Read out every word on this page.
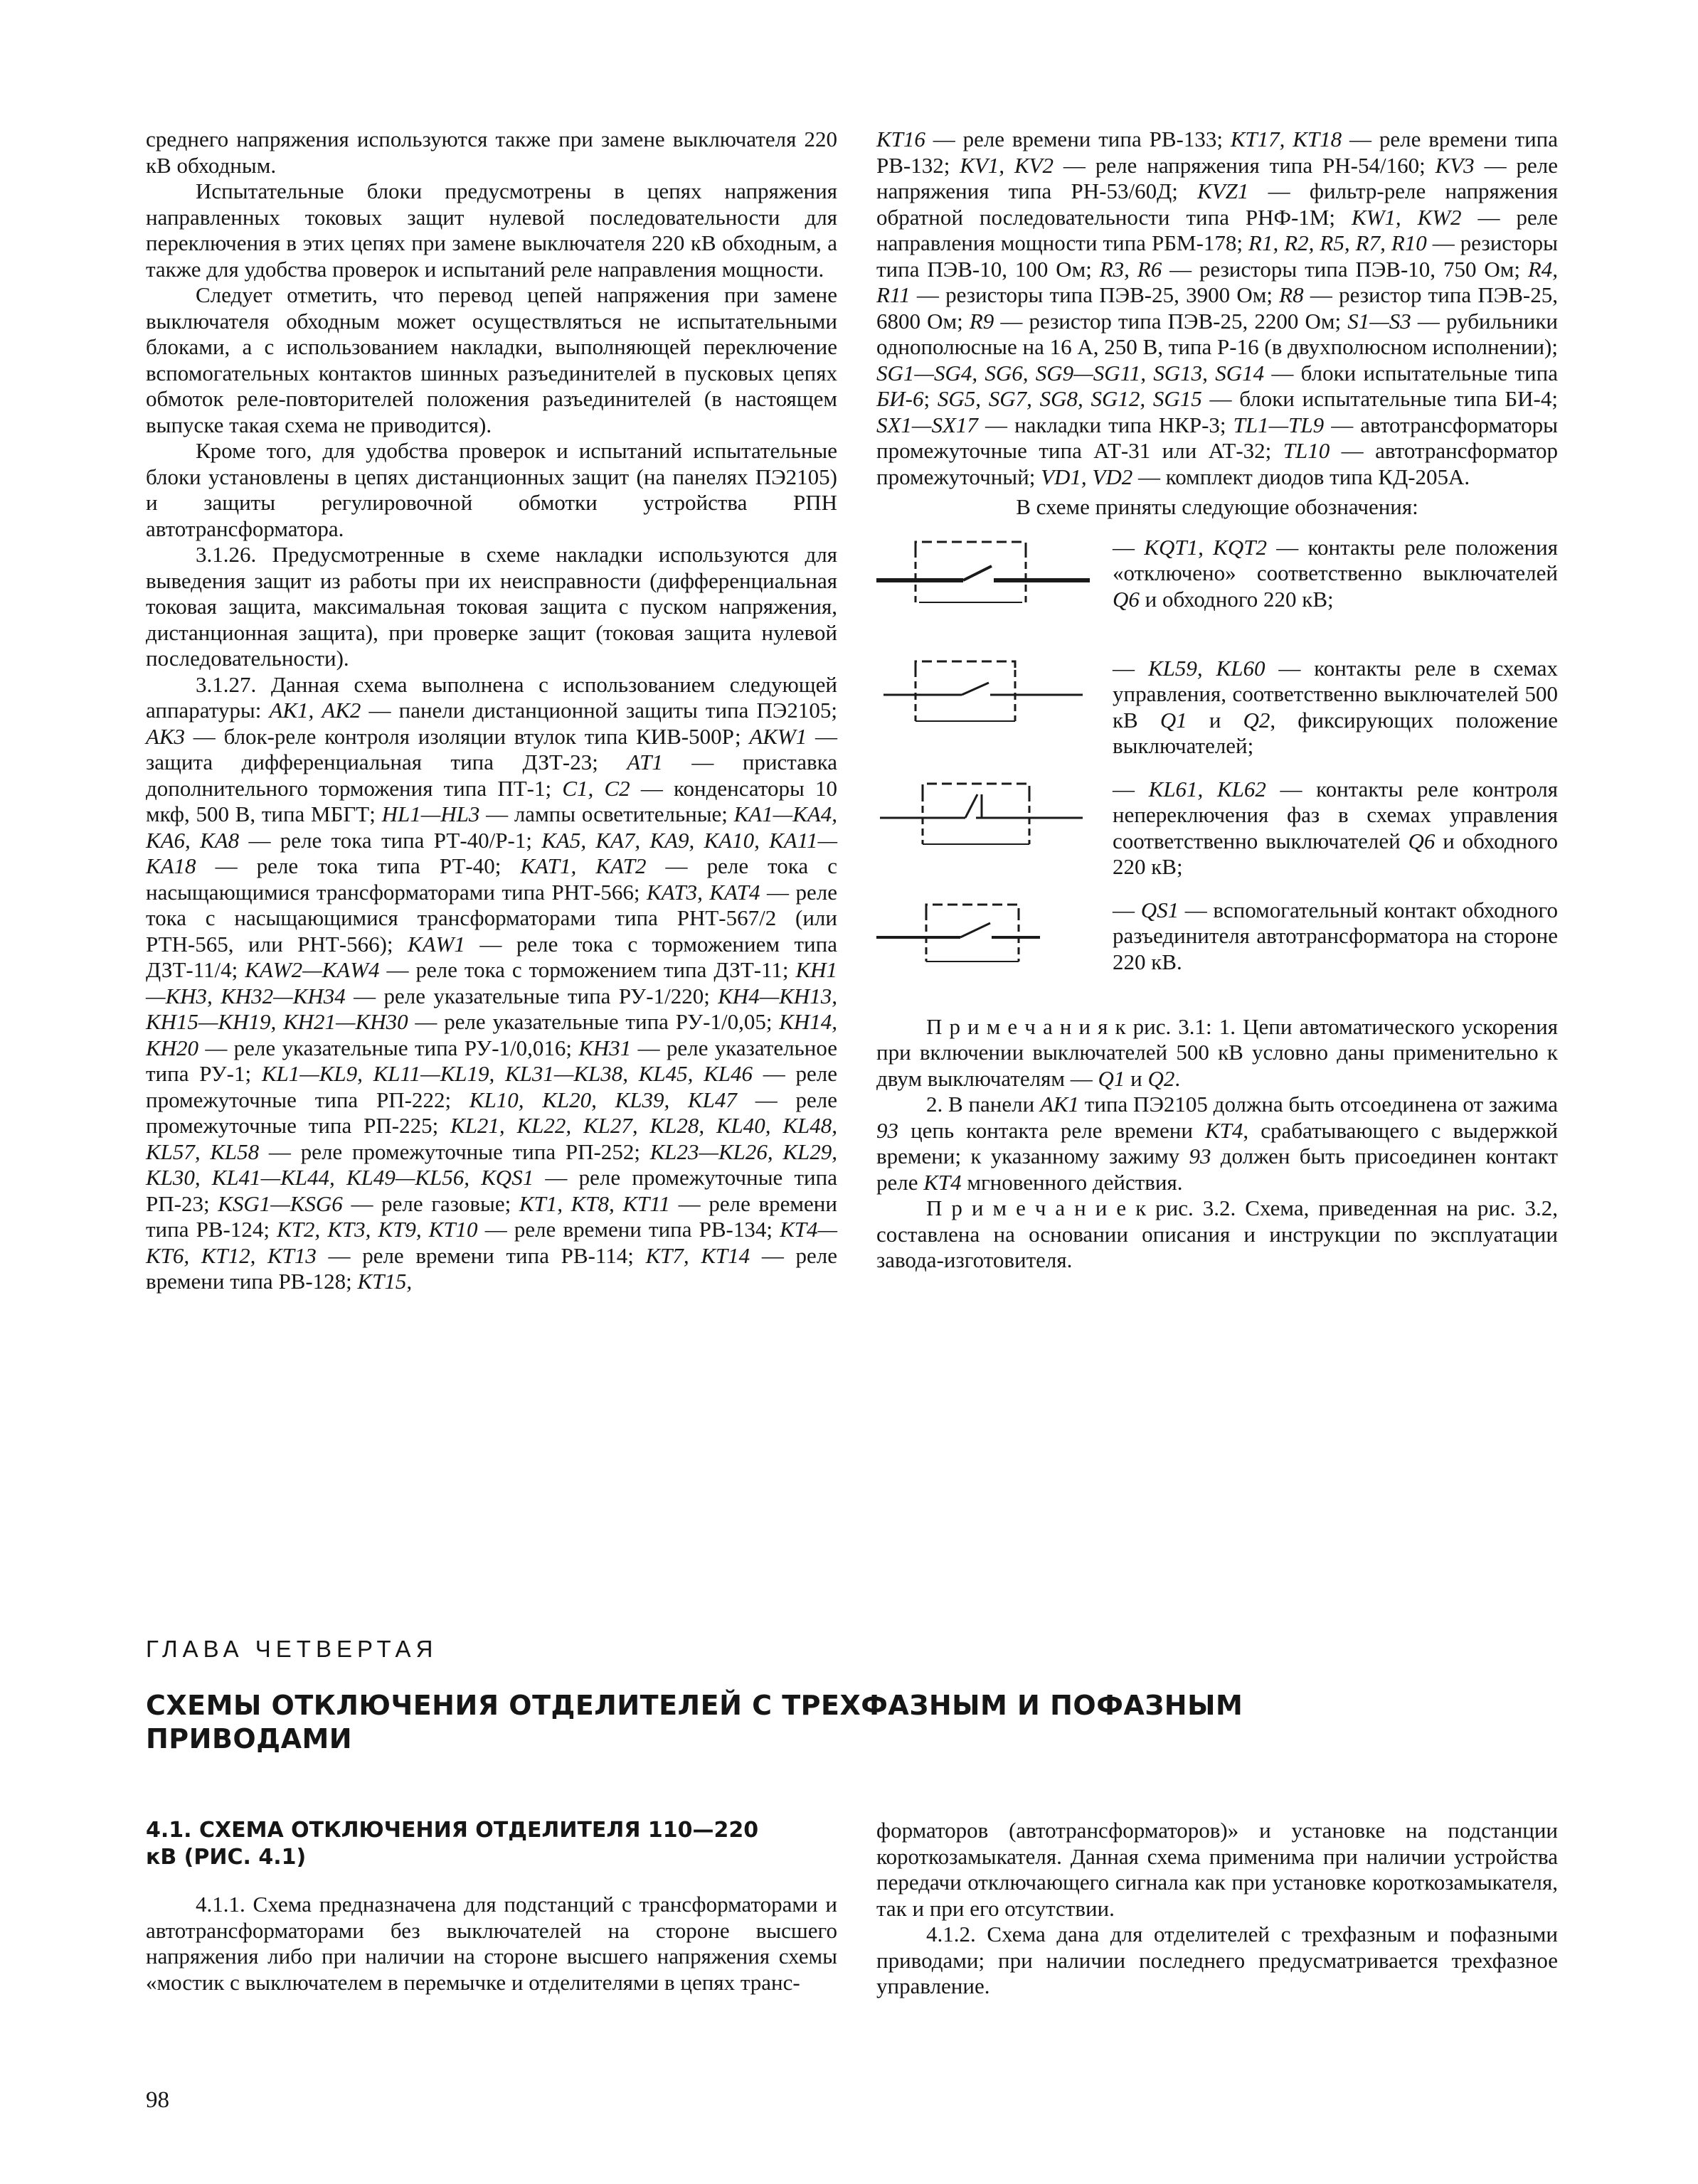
среднего напряжения используются также при замене выключателя 220 кВ обходным.

Испытательные блоки предусмотрены в цепях напряжения направленных токовых защит нулевой последовательности для переключения в этих цепях при замене выключателя 220 кВ обходным, а также для удобства проверок и испытаний реле направления мощности.

Следует отметить, что перевод цепей напряжения при замене выключателя обходным может осуществляться не испытательными блоками, а с использованием накладки, выполняющей переключение вспомогательных контактов шинных разъединителей в пусковых цепях обмоток реле-повторителей положения разъединителей (в настоящем выпуске такая схема не приводится).

Кроме того, для удобства проверок и испытаний испытательные блоки установлены в цепях дистанционных защит (на панелях ПЭ2105) и защиты регулировочной обмотки устройства РПН автотрансформатора.

3.1.26. Предусмотренные в схеме накладки используются для выведения защит из работы при их неисправности (дифференциальная токовая защита, максимальная токовая защита с пуском напряжения, дистанционная защита), при проверке защит (токовая защита нулевой последовательности).

3.1.27. Данная схема выполнена с использованием следующей аппаратуры: АК1, АК2 — панели дистанционной защиты типа ПЭ2105; АК3 — блок-реле контроля изоляции втулок типа КИВ-500Р; АКW1 — защита дифференциальная типа ДЗТ-23; АТ1 — приставка дополнительного торможения типа ПТ-1; С1, С2 — конденсаторы 10 мкф, 500 В, типа МБГТ; HL1—HL3 — лампы осветительные; КА1—КА4, КА6, КА8 — реле тока типа РТ-40/Р-1; КА5, КА7, КА9, КА10, КА11—КА18 — реле тока типа РТ-40; КАТ1, КАТ2 — реле тока с насыщающимися трансформаторами типа РНТ-566; КАТ3, КАТ4 — реле тока с насыщающимися трансформаторами типа РНТ-567/2 (или РТН-565, или РНТ-566); КАW1 — реле тока с торможением типа ДЗТ-11/4; КАW2—КАW4 — реле тока с торможением типа ДЗТ-11; КН1—КН3, КН32—КН34 — реле указательные типа РУ-1/220; КН4—КН13, КН15—КН19, КН21—КН30 — реле указательные типа РУ-1/0,05; КН14, КН20 — реле указательные типа РУ-1/0,016; КН31 — реле указательное типа РУ-1; КL1—КL9, КL11—КL19, КL31—КL38, КL45, КL46 — реле промежуточные типа РП-222; КL10, КL20, КL39, КL47 — реле промежуточные типа РП-225; КL21, КL22, КL27, КL28, КL40, КL48, КL57, КL58 — реле промежуточные типа РП-252; КL23—КL26, КL29, КL30, КL41—КL44, КL49—КL56, КQS1 — реле промежуточные типа РП-23; КSG1—КSG6 — реле газовые; КТ1, КТ8, КТ11 — реле времени типа РВ-124; КТ2, КТ3, КТ9, КТ10 — реле времени типа РВ-134; КТ4—КТ6, КТ12, КТ13 — реле времени типа РВ-114; КТ7, КТ14 — реле времени типа РВ-128; КТ15,

КТ16 — реле времени типа РВ-133; КТ17, КТ18 — реле времени типа РВ-132; КV1, КV2 — реле напряжения типа РН-54/160; КV3 — реле напряжения типа РН-53/60Д; КVZ1 — фильтр-реле напряжения обратной последовательности типа РНФ-1М; КW1, КW2 — реле направления мощности типа РБМ-178; R1, R2, R5, R7, R10 — резисторы типа ПЭВ-10, 100 Ом; R3, R6 — резисторы типа ПЭВ-10, 750 Ом; R4, R11 — резисторы типа ПЭВ-25, 3900 Ом; R8 — резистор типа ПЭВ-25, 6800 Ом; R9 — резистор типа ПЭВ-25, 2200 Ом; S1—S3 — рубильники однополюсные на 16 А, 250 В, типа Р-16 (в двухполюсном исполнении); SG1—SG4, SG6, SG9—SG11, SG13, SG14 — блоки испытательные типа БИ-6; SG5, SG7, SG8, SG12, SG15 — блоки испытательные типа БИ-4; SX1—SX17 — накладки типа НКР-3; TL1—TL9 — автотрансформаторы промежуточные типа АТ-31 или АТ-32; TL10 — автотрансформатор промежуточный; VD1, VD2 — комплект диодов типа КД-205А.

В схеме приняты следующие обозначения:

— KQT1, KQT2 — контакты реле положения «отключено» соответственно выключателей Q6 и обходного 220 кВ;
— KL59, KL60 — контакты реле в схемах управления, соответственно выключателей 500 кВ Q1 и Q2, фиксирующих положение выключателей;
— KL61, KL62 — контакты реле контроля непереключения фаз в схемах управления соответственно выключателей Q6 и обходного 220 кВ;
— QS1 — вспомогательный контакт обходного разъединителя автотрансформатора на стороне 220 кВ.

П р и м е ч а н и я к рис. 3.1: 1. Цепи автоматического ускорения при включении выключателей 500 кВ условно даны применительно к двум выключателям — Q1 и Q2.

2. В панели АК1 типа ПЭ2105 должна быть отсоединена от зажима 93 цепь контакта реле времени КТ4, срабатывающего с выдержкой времени; к указанному зажиму 93 должен быть присоединен контакт реле КТ4 мгновенного действия.

П р и м е ч а н и е к рис. 3.2. Схема, приведенная на рис. 3.2, составлена на основании описания и инструкции по эксплуатации завода-изготовителя.

ГЛАВА ЧЕТВЕРТАЯ
СХЕМЫ ОТКЛЮЧЕНИЯ ОТДЕЛИТЕЛЕЙ С ТРЕХФАЗНЫМ И ПОФАЗНЫМ ПРИВОДАМИ
4.1. СХЕМА ОТКЛЮЧЕНИЯ ОТДЕЛИТЕЛЯ 110—220 кВ (РИС. 4.1)

4.1.1. Схема предназначена для подстанций с трансформаторами и автотрансформаторами без выключателей на стороне высшего напряжения либо при наличии на стороне высшего напряжения схемы «мостик с выключателем в перемычке и отделителями в цепях транс-

форматоров (автотрансформаторов)» и установке на подстанции короткозамыкателя. Данная схема применима при наличии устройства передачи отключающего сигнала как при установке короткозамыкателя, так и при его отсутствии.

4.1.2. Схема дана для отделителей с трехфазным и пофазными приводами; при наличии последнего предусматривается трехфазное управление.

98
